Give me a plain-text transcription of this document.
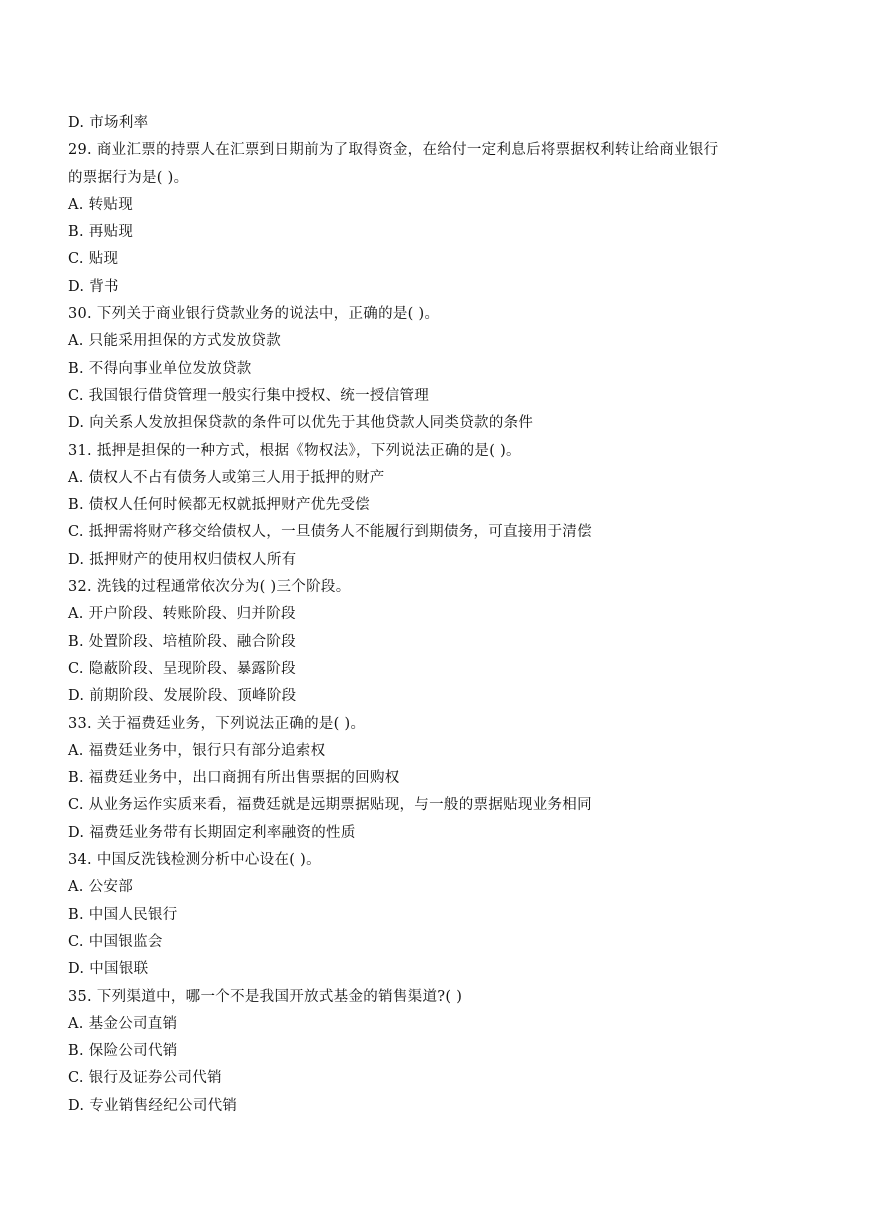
D. 市场利率
29. 商业汇票的持票人在汇票到日期前为了取得资金，在给付一定利息后将票据权利转让给商业银行
的票据行为是( )。
A. 转贴现
B. 再贴现
C. 贴现
D. 背书
30. 下列关于商业银行贷款业务的说法中，正确的是( )。
A. 只能采用担保的方式发放贷款
B. 不得向事业单位发放贷款
C. 我国银行借贷管理一般实行集中授权、统一授信管理
D. 向关系人发放担保贷款的条件可以优先于其他贷款人同类贷款的条件
31. 抵押是担保的一种方式，根据《物权法》，下列说法正确的是( )。
A. 债权人不占有债务人或第三人用于抵押的财产
B. 债权人任何时候都无权就抵押财产优先受偿
C. 抵押需将财产移交给债权人，一旦债务人不能履行到期债务，可直接用于清偿
D. 抵押财产的使用权归债权人所有
32. 洗钱的过程通常依次分为( )三个阶段。
A. 开户阶段、转账阶段、归并阶段
B. 处置阶段、培植阶段、融合阶段
C. 隐蔽阶段、呈现阶段、暴露阶段
D. 前期阶段、发展阶段、顶峰阶段
33. 关于福费廷业务，下列说法正确的是( )。
A. 福费廷业务中，银行只有部分追索权
B. 福费廷业务中，出口商拥有所出售票据的回购权
C. 从业务运作实质来看，福费廷就是远期票据贴现，与一般的票据贴现业务相同
D. 福费廷业务带有长期固定利率融资的性质
34. 中国反洗钱检测分析中心设在( )。
A. 公安部
B. 中国人民银行
C. 中国银监会
D. 中国银联
35. 下列渠道中，哪一个不是我国开放式基金的销售渠道?( )
A. 基金公司直销
B. 保险公司代销
C. 银行及证券公司代销
D. 专业销售经纪公司代销
